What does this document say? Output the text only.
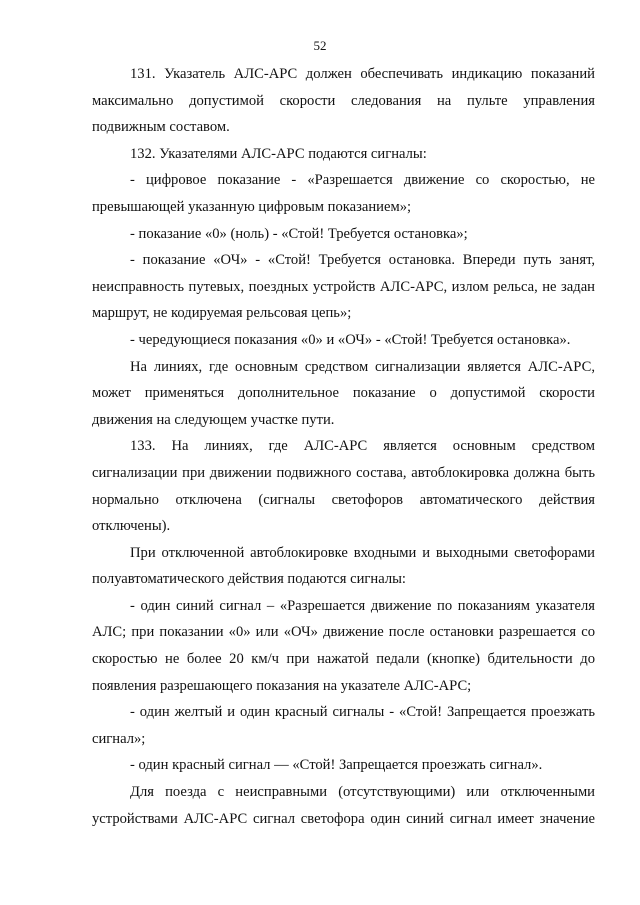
52

131. Указатель АЛС-АРС должен обеспечивать индикацию показаний максимально допустимой скорости следования на пульте управления подвижным составом.

132. Указателями АЛС-АРС подаются сигналы:

- цифровое показание - «Разрешается движение со скоростью, не превышающей указанную цифровым показанием»;

- показание «0» (ноль) - «Стой! Требуется остановка»;

- показание «ОЧ» - «Стой! Требуется остановка. Впереди путь занят, неисправность путевых, поездных устройств АЛС-АРС, излом рельса, не задан маршрут, не кодируемая рельсовая цепь»;

- чередующиеся показания «0» и «ОЧ» - «Стой! Требуется остановка».

На линиях, где основным средством сигнализации является АЛС-АРС, может применяться дополнительное показание о допустимой скорости движения на следующем участке пути.

133. На линиях, где АЛС-АРС является основным средством сигнализации при движении подвижного состава, автоблокировка должна быть нормально отключена (сигналы светофоров автоматического действия отключены).

При отключенной автоблокировке входными и выходными светофорами полуавтоматического действия подаются сигналы:

- один синий сигнал – «Разрешается движение по показаниям указателя АЛС; при показании «0» или «ОЧ» движение после остановки разрешается со скоростью не более 20 км/ч при нажатой педали (кнопке) бдительности до появления разрешающего показания на указателе АЛС-АРС;

- один желтый и один красный сигналы - «Стой! Запрещается проезжать сигнал»;

- один красный сигнал — «Стой! Запрещается проезжать сигнал».

Для поезда с неисправными (отсутствующими) или отключенными устройствами АЛС-АРС сигнал светофора один синий сигнал имеет значение
